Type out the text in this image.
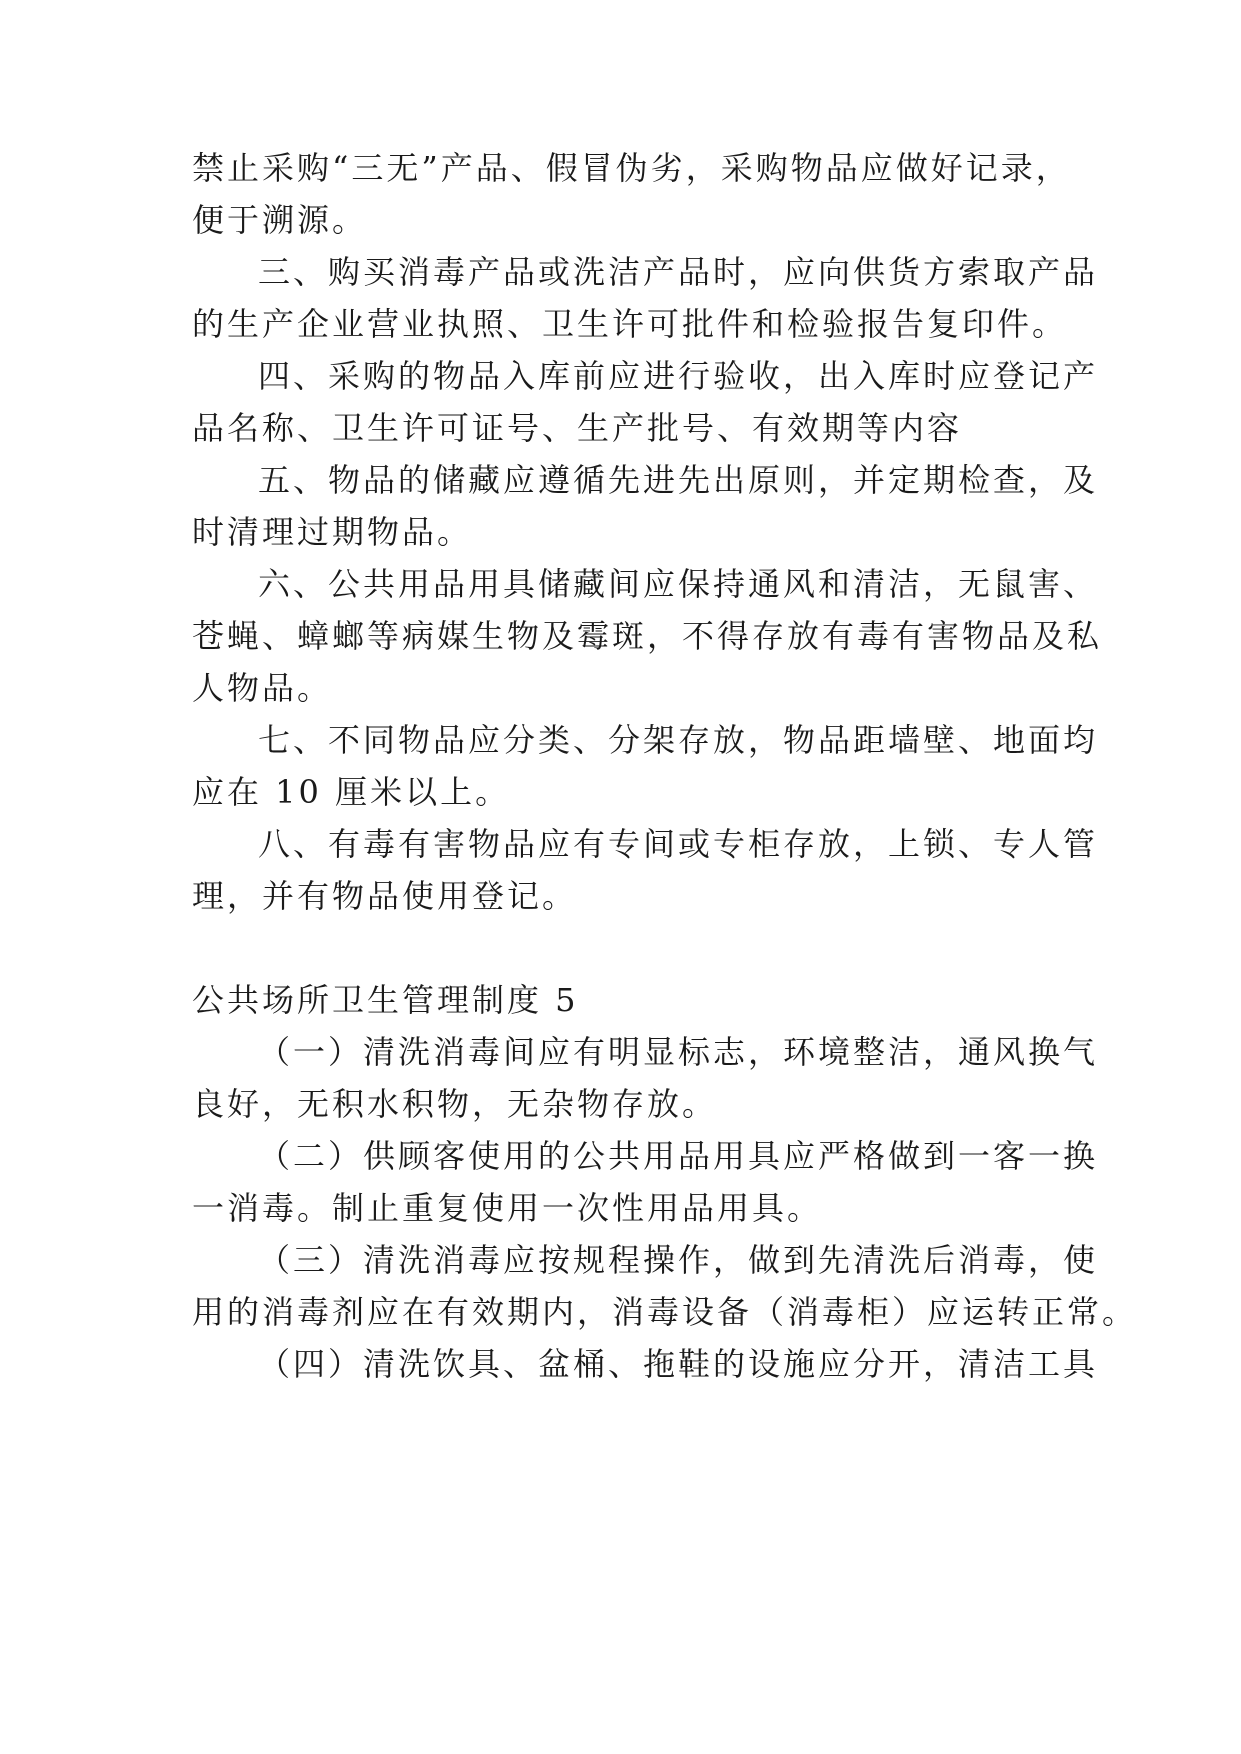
禁止采购“三无”产品、假冒伪劣，采购物品应做好记录，
便于溯源。
三、购买消毒产品或洗洁产品时，应向供货方索取产品
的生产企业营业执照、卫生许可批件和检验报告复印件。
四、采购的物品入库前应进行验收，出入库时应登记产
品名称、卫生许可证号、生产批号、有效期等内容
五、物品的储藏应遵循先进先出原则，并定期检查，及
时清理过期物品。
六、公共用品用具储藏间应保持通风和清洁，无鼠害、
苍蝇、蟑螂等病媒生物及霉斑，不得存放有毒有害物品及私
人物品。
七、不同物品应分类、分架存放，物品距墙壁、地面均
应在 10 厘米以上。
八、有毒有害物品应有专间或专柜存放，上锁、专人管
理，并有物品使用登记。
公共场所卫生管理制度 5
（一）清洗消毒间应有明显标志，环境整洁，通风换气
良好，无积水积物，无杂物存放。
（二）供顾客使用的公共用品用具应严格做到一客一换
一消毒。制止重复使用一次性用品用具。
（三）清洗消毒应按规程操作，做到先清洗后消毒，使
用的消毒剂应在有效期内，消毒设备（消毒柜）应运转正常。
（四）清洗饮具、盆桶、拖鞋的设施应分开，清洁工具
